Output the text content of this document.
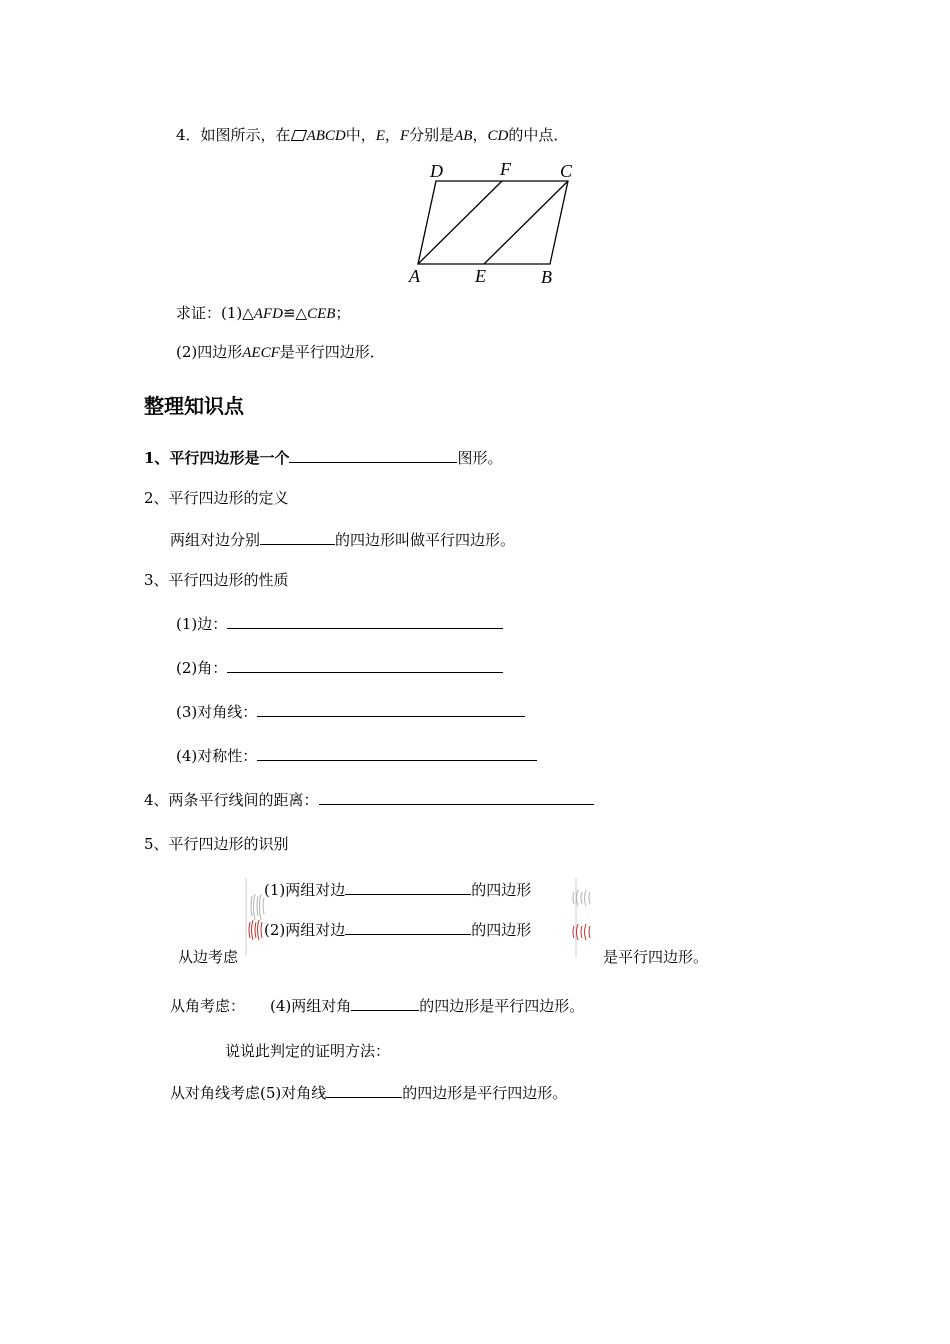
4．如图所示，在 ABCD中，E，F分别是AB，CD的中点．
D	F	C
A	E	B
求证：(1)△AFD≌△CEB；
(2)四边形AECF是平行四边形．
整理知识点
1、平行四边形是一个	图形。
2、平行四边形的定义
两组对边分别	的四边形叫做平行四边形。
3、平行四边形的性质
(1)边：
(2)角：
(3)对角线：
(4)对称性：
4、两条平行线间的距离：
5、平行四边形的识别
(1)两组对边	的四边形
(2)两组对边	的四边形
从边考虑	是平行四边形。
从角考虑： (4)两组对角	的四边形是平行四边形。
说说此判定的证明方法：
从对角线考虑(5)对角线	的四边形是平行四边形。
